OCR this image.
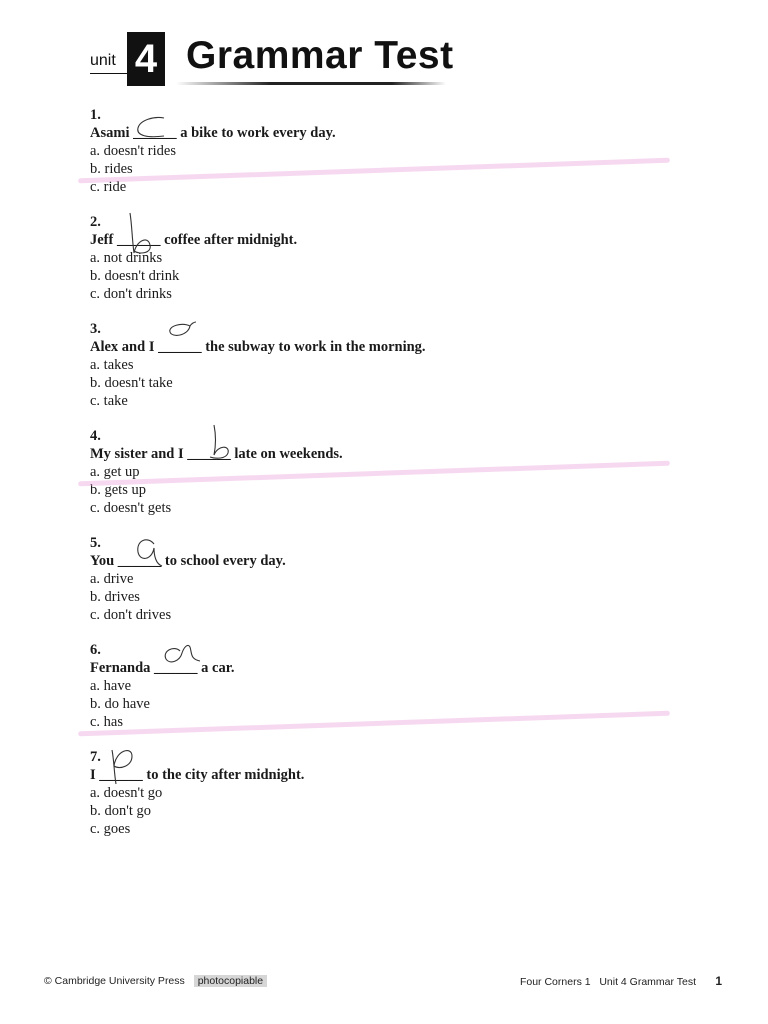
unit 4 Grammar Test
1.
Asami ______ a bike to work every day.
a. doesn't rides
b. rides
c. ride
2.
Jeff ______ coffee after midnight.
a. not drinks
b. doesn't drink
c. don't drinks
3.
Alex and I ______ the subway to work in the morning.
a. takes
b. doesn't take
c. take
4.
My sister and I ______ late on weekends.
a. get up
b. gets up
c. doesn't gets
5.
You ______ to school every day.
a. drive
b. drives
c. don't drives
6.
Fernanda ______ a car.
a. have
b. do have
c. has
7.
I ______ to the city after midnight.
a. doesn't go
b. don't go
c. goes
© Cambridge University Press photocopiable	Four Corners 1   Unit 4 Grammar Test 1
